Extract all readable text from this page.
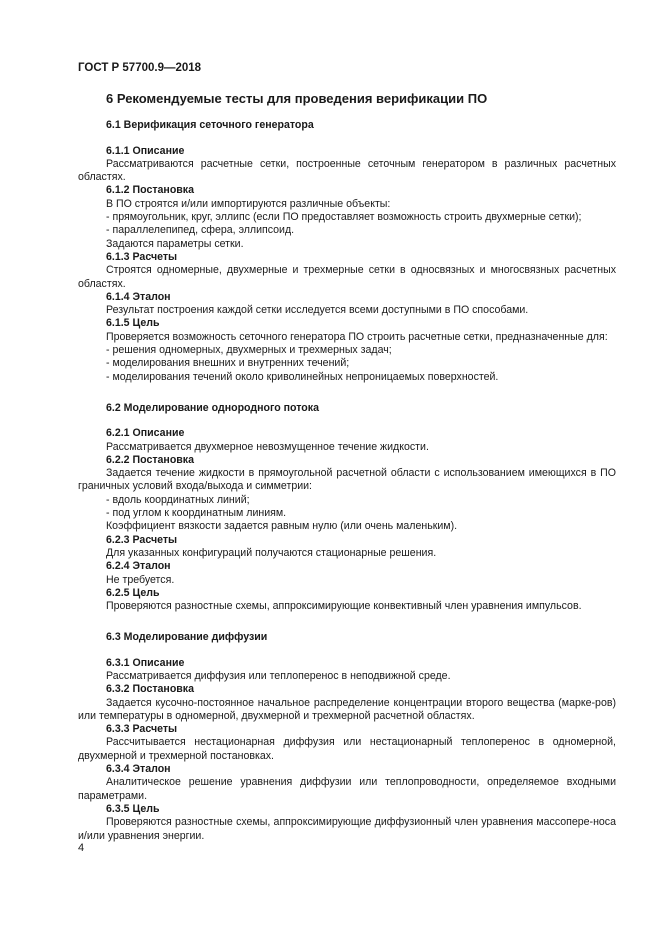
ГОСТ Р 57700.9—2018
6 Рекомендуемые тесты для проведения верификации ПО
6.1 Верификация сеточного генератора
6.1.1 Описание
Рассматриваются расчетные сетки, построенные сеточным генератором в различных расчетных областях.
6.1.2 Постановка
В ПО строятся и/или импортируются различные объекты:
- прямоугольник, круг, эллипс (если ПО предоставляет возможность строить двухмерные сетки);
- параллелепипед, сфера, эллипсоид.
Задаются параметры сетки.
6.1.3 Расчеты
Строятся одномерные, двухмерные и трехмерные сетки в односвязных и многосвязных расчетных областях.
6.1.4 Эталон
Результат построения каждой сетки исследуется всеми доступными в ПО способами.
6.1.5 Цель
Проверяется возможность сеточного генератора ПО строить расчетные сетки, предназначенные для:
- решения одномерных, двухмерных и трехмерных задач;
- моделирования внешних и внутренних течений;
- моделирования течений около криволинейных непроницаемых поверхностей.
6.2 Моделирование однородного потока
6.2.1 Описание
Рассматривается двухмерное невозмущенное течение жидкости.
6.2.2 Постановка
Задается течение жидкости в прямоугольной расчетной области с использованием имеющихся в ПО граничных условий входа/выхода и симметрии:
- вдоль координатных линий;
- под углом к координатным линиям.
Коэффициент вязкости задается равным нулю (или очень маленьким).
6.2.3 Расчеты
Для указанных конфигураций получаются стационарные решения.
6.2.4 Эталон
Не требуется.
6.2.5 Цель
Проверяются разностные схемы, аппроксимирующие конвективный член уравнения импульсов.
6.3 Моделирование диффузии
6.3.1 Описание
Рассматривается диффузия или теплоперенос в неподвижной среде.
6.3.2 Постановка
Задается кусочно-постоянное начальное распределение концентрации второго вещества (марке-ров) или температуры в одномерной, двухмерной и трехмерной расчетной областях.
6.3.3 Расчеты
Рассчитывается нестационарная диффузия или нестационарный теплоперенос в одномерной, двухмерной и трехмерной постановках.
6.3.4 Эталон
Аналитическое решение уравнения диффузии или теплопроводности, определяемое входными параметрами.
6.3.5 Цель
Проверяются разностные схемы, аппроксимирующие диффузионный член уравнения массопере-носа и/или уравнения энергии.
4
